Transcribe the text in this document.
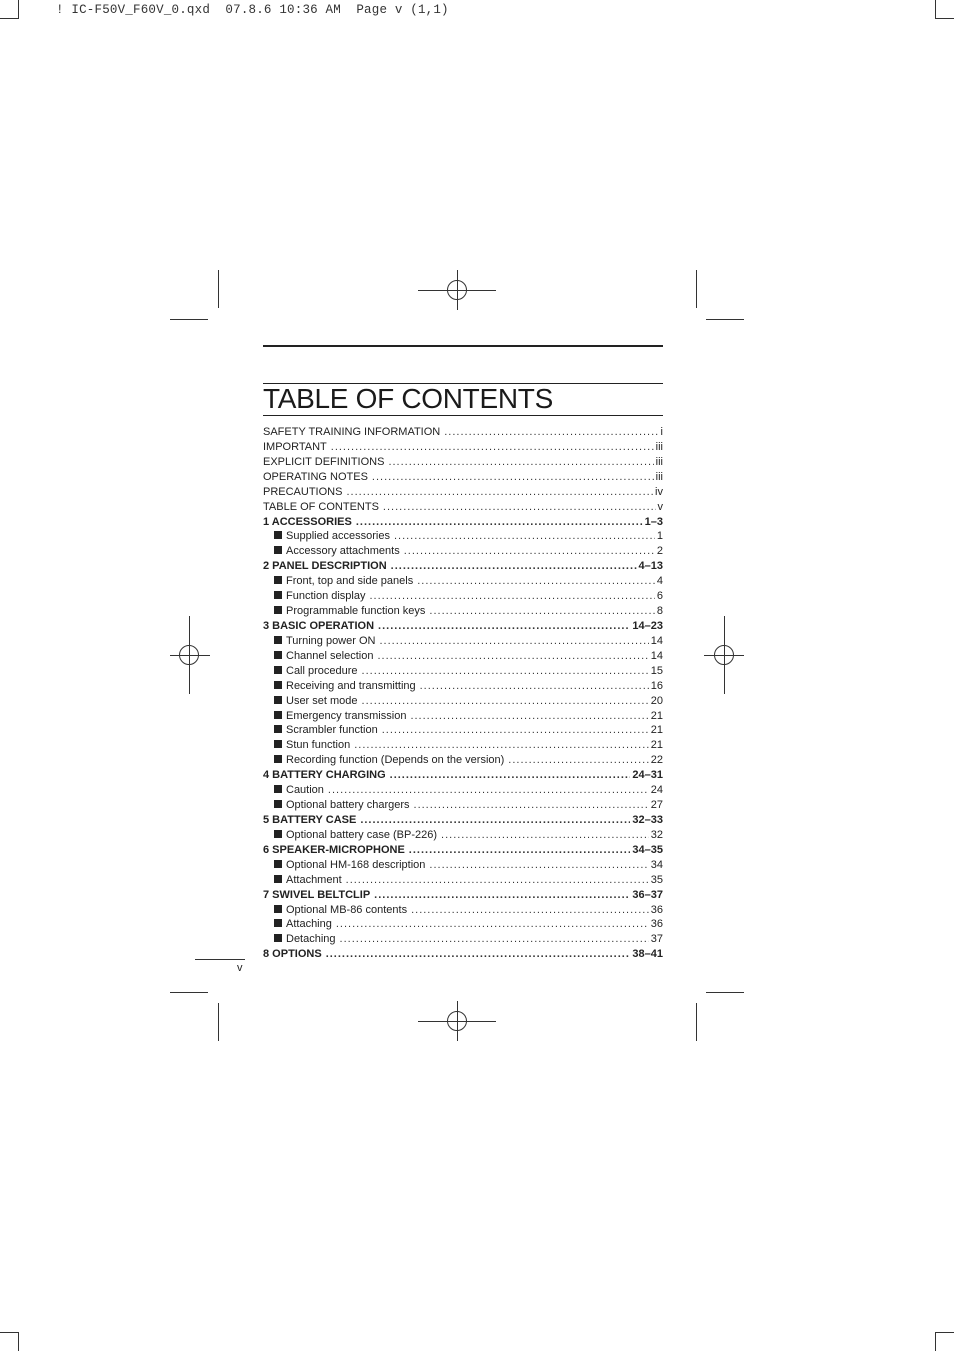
! IC-F50V_F60V_0.qxd  07.8.6 10:36 AM  Page v (1,1)
TABLE OF CONTENTS
SAFETY TRAINING INFORMATION .....	i
IMPORTANT .....	iii
EXPLICIT DEFINITIONS .....	iii
OPERATING NOTES .....	iii
PRECAUTIONS .....	iv
TABLE OF CONTENTS .....	v
1 ACCESSORIES .....	1–3
Supplied accessories .....	1
Accessory attachments .....	2
2 PANEL DESCRIPTION .....	4–13
Front, top and side panels .....	4
Function display .....	6
Programmable function keys .....	8
3 BASIC OPERATION .....	14–23
Turning power ON .....	14
Channel selection .....	14
Call procedure .....	15
Receiving and transmitting .....	16
User set mode .....	20
Emergency transmission .....	21
Scrambler function .....	21
Stun function .....	21
Recording function (Depends on the version) .....	22
4 BATTERY CHARGING .....	24–31
Caution .....	24
Optional battery chargers .....	27
5 BATTERY CASE .....	32–33
Optional battery case (BP-226) .....	32
6 SPEAKER-MICROPHONE .....	34–35
Optional HM-168 description .....	34
Attachment .....	35
7 SWIVEL BELTCLIP .....	36–37
Optional MB-86 contents .....	36
Attaching .....	36
Detaching .....	37
8 OPTIONS .....	38–41
v
